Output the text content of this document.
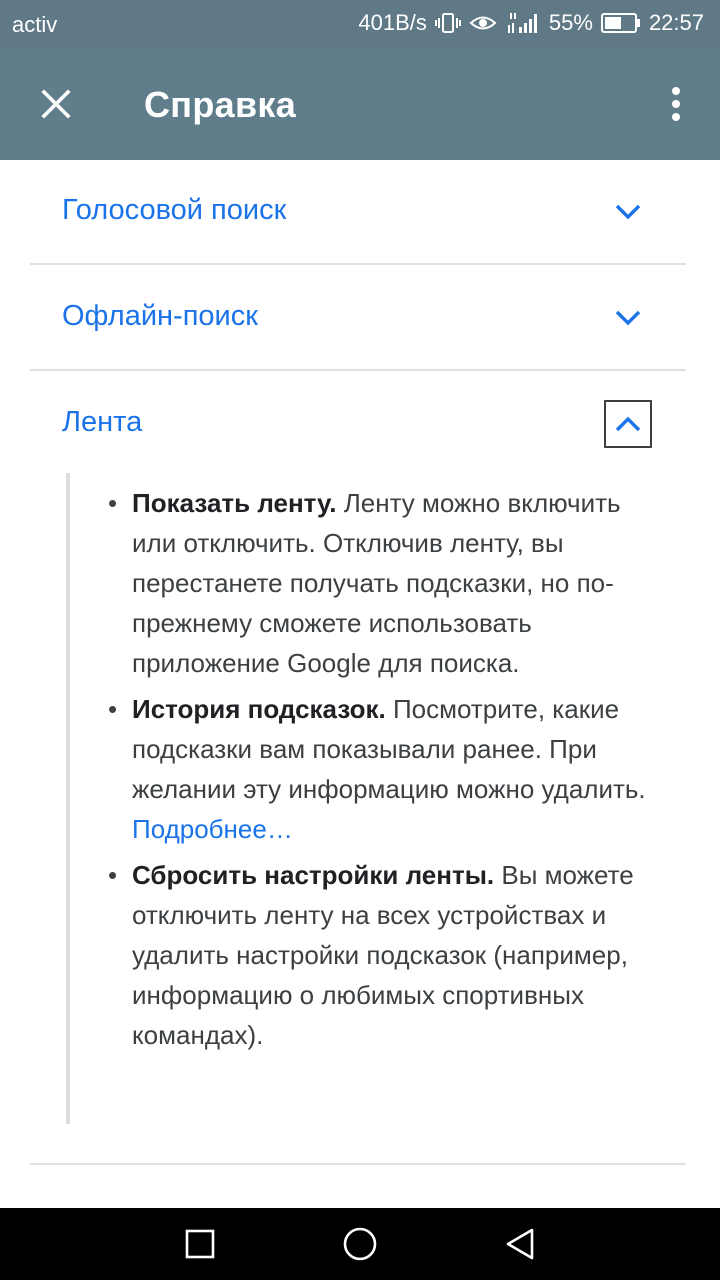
activ	401B/s	55%	22:57
Справка
Голосовой поиск
Офлайн-поиск
Лента
• Показать ленту. Ленту можно включить или отключить. Отключив ленту, вы перестанете получать подсказки, но по-прежнему сможете использовать приложение Google для поиска.
• История подсказок. Посмотрите, какие подсказки вам показывали ранее. При желании эту информацию можно удалить. Подробнее…
• Сбросить настройки ленты. Вы можете отключить ленту на всех устройствах и удалить настройки подсказок (например, информацию о любимых спортивных командах).
